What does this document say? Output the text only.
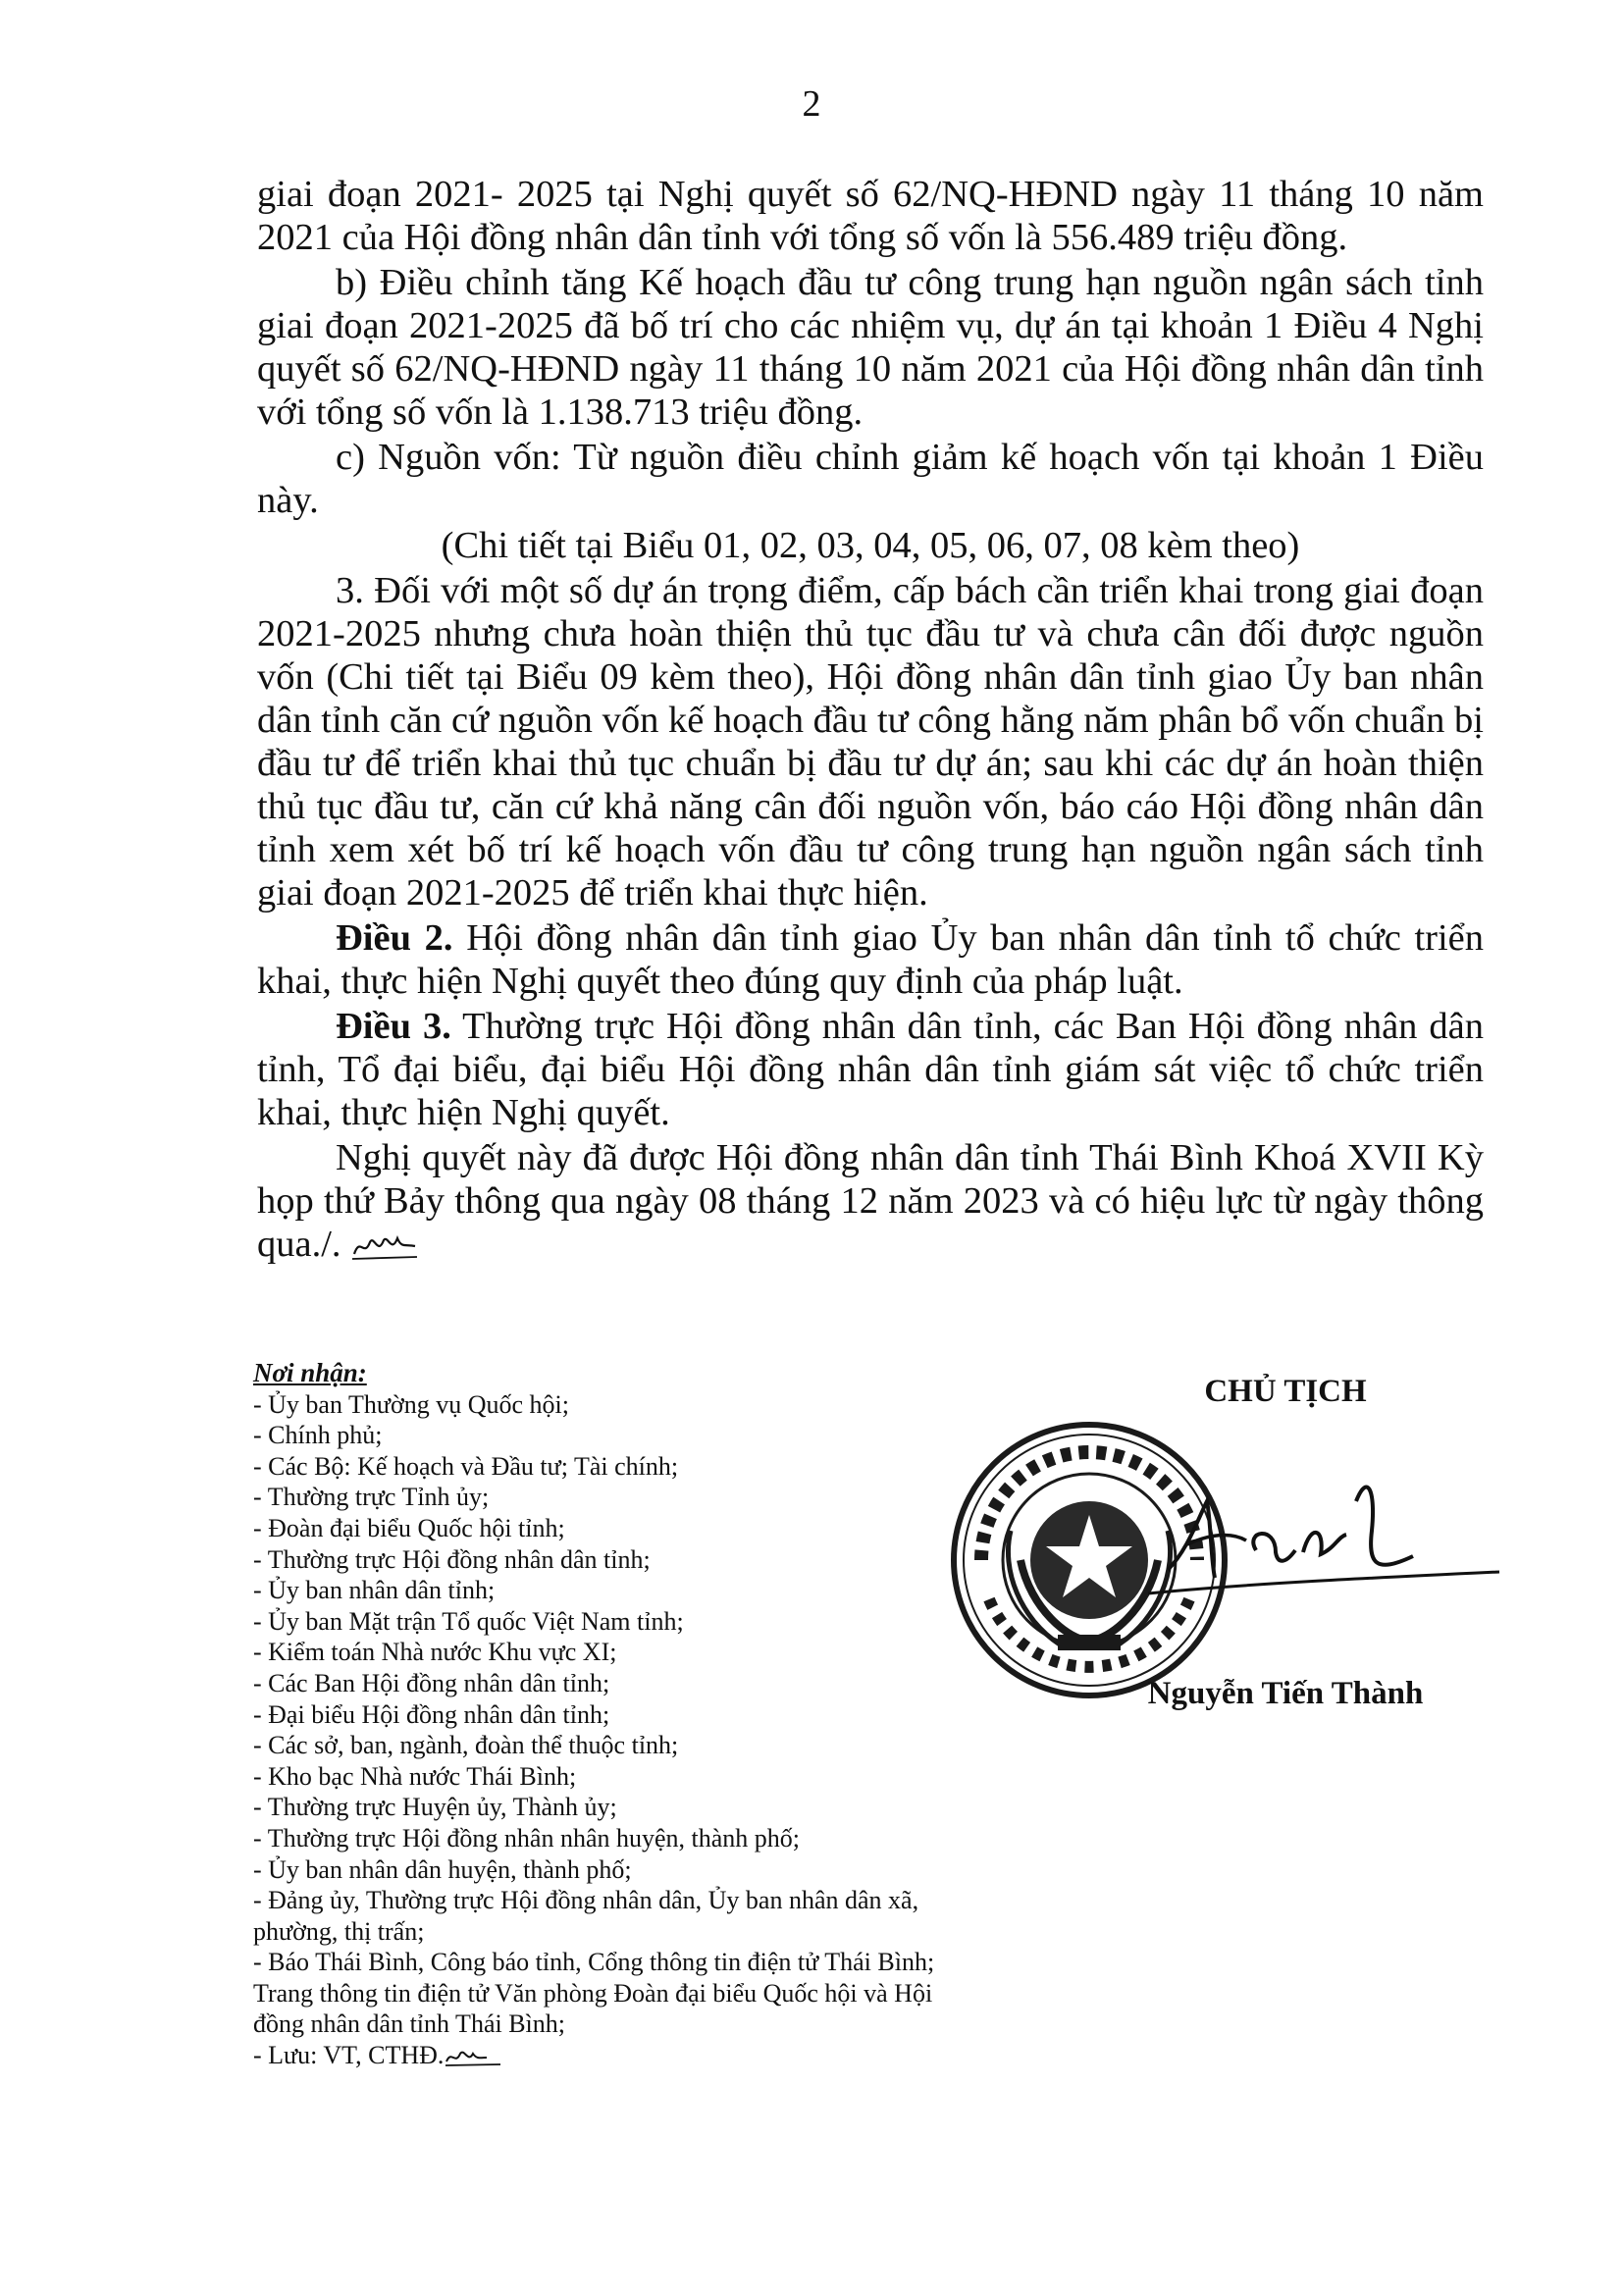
2

giai đoạn 2021- 2025 tại Nghị quyết số 62/NQ-HĐND ngày 11 tháng 10 năm 2021 của Hội đồng nhân dân tỉnh với tổng số vốn là 556.489 triệu đồng.

b) Điều chỉnh tăng Kế hoạch đầu tư công trung hạn nguồn ngân sách tỉnh giai đoạn 2021-2025 đã bố trí cho các nhiệm vụ, dự án tại khoản 1 Điều 4 Nghị quyết số 62/NQ-HĐND ngày 11 tháng 10 năm 2021 của Hội đồng nhân dân tỉnh với tổng số vốn là 1.138.713 triệu đồng.

c) Nguồn vốn: Từ nguồn điều chỉnh giảm kế hoạch vốn tại khoản 1 Điều này.

(Chi tiết tại Biểu 01, 02, 03, 04, 05, 06, 07, 08 kèm theo)

3. Đối với một số dự án trọng điểm, cấp bách cần triển khai trong giai đoạn 2021-2025 nhưng chưa hoàn thiện thủ tục đầu tư và chưa cân đối được nguồn vốn (Chi tiết tại Biểu 09 kèm theo), Hội đồng nhân dân tỉnh giao Ủy ban nhân dân tỉnh căn cứ nguồn vốn kế hoạch đầu tư công hằng năm phân bổ vốn chuẩn bị đầu tư để triển khai thủ tục chuẩn bị đầu tư dự án; sau khi các dự án hoàn thiện thủ tục đầu tư, căn cứ khả năng cân đối nguồn vốn, báo cáo Hội đồng nhân dân tỉnh xem xét bố trí kế hoạch vốn đầu tư công trung hạn nguồn ngân sách tỉnh giai đoạn 2021-2025 để triển khai thực hiện.

Điều 2. Hội đồng nhân dân tỉnh giao Ủy ban nhân dân tỉnh tổ chức triển khai, thực hiện Nghị quyết theo đúng quy định của pháp luật.

Điều 3. Thường trực Hội đồng nhân dân tỉnh, các Ban Hội đồng nhân dân tỉnh, Tổ đại biểu, đại biểu Hội đồng nhân dân tỉnh giám sát việc tổ chức triển khai, thực hiện Nghị quyết.

Nghị quyết này đã được Hội đồng nhân dân tỉnh Thái Bình Khoá XVII Kỳ họp thứ Bảy thông qua ngày 08 tháng 12 năm 2023 và có hiệu lực từ ngày thông qua./.

Nơi nhận:
- Ủy ban Thường vụ Quốc hội;
- Chính phủ;
- Các Bộ: Kế hoạch và Đầu tư; Tài chính;
- Thường trực Tỉnh ủy;
- Đoàn đại biểu Quốc hội tỉnh;
- Thường trực Hội đồng nhân dân tỉnh;
- Ủy ban nhân dân tỉnh;
- Ủy ban Mặt trận Tổ quốc Việt Nam tỉnh;
- Kiểm toán Nhà nước Khu vực XI;
- Các Ban Hội đồng nhân dân tỉnh;
- Đại biểu Hội đồng nhân dân tỉnh;
- Các sở, ban, ngành, đoàn thể thuộc tỉnh;
- Kho bạc Nhà nước Thái Bình;
- Thường trực Huyện ủy, Thành ủy;
- Thường trực Hội đồng nhân nhân huyện, thành phố;
- Ủy ban nhân dân huyện, thành phố;
- Đảng ủy, Thường trực Hội đồng nhân dân, Ủy ban nhân dân xã, phường, thị trấn;
- Báo Thái Bình, Công báo tỉnh, Cổng thông tin điện tử Thái Bình; Trang thông tin điện tử Văn phòng Đoàn đại biểu Quốc hội và Hội đồng nhân dân tỉnh Thái Bình;
- Lưu: VT, CTHĐ.
CHỦ TỊCH
Nguyễn Tiến Thành
